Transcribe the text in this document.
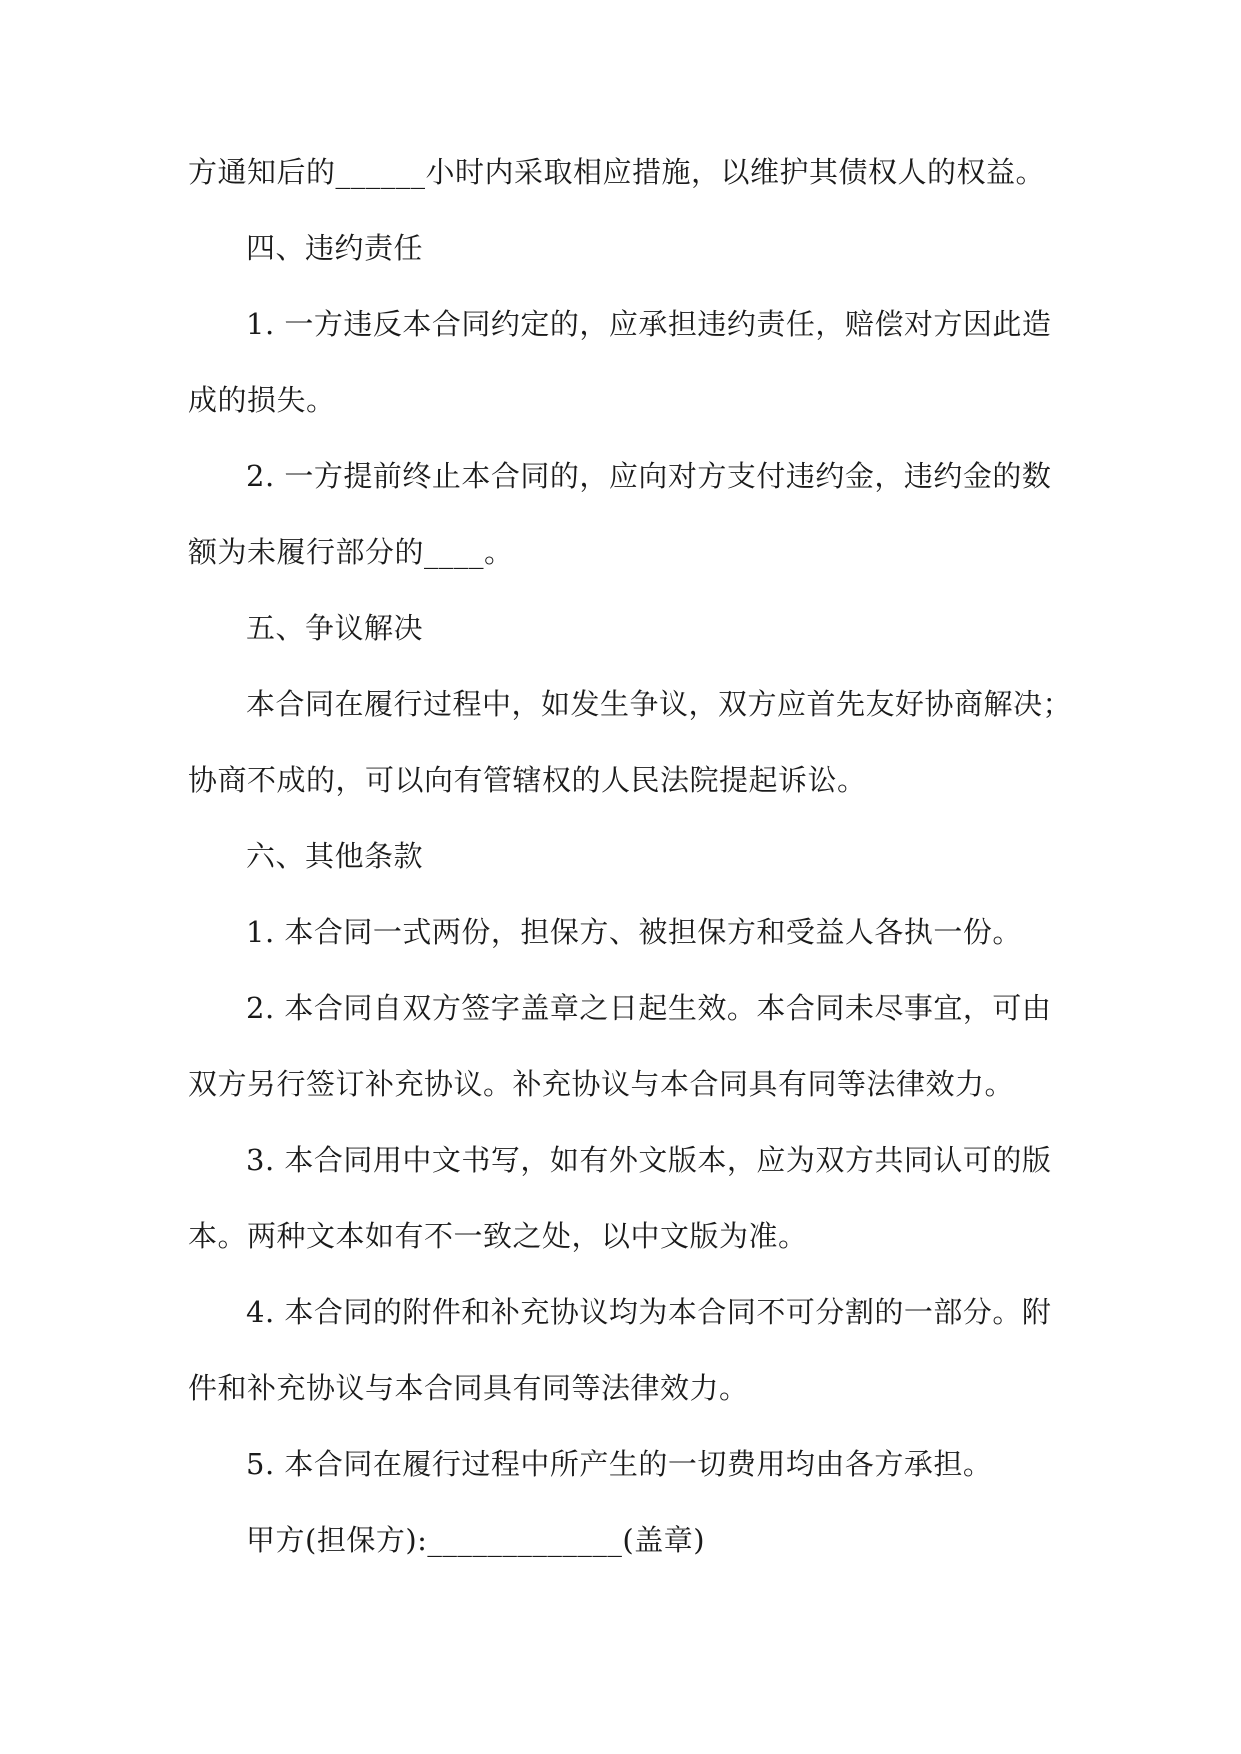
方通知后的______小时内采取相应措施，以维护其债权人的权益。

四、违约责任

1. 一方违反本合同约定的，应承担违约责任，赔偿对方因此造

成的损失。

2. 一方提前终止本合同的，应向对方支付违约金，违约金的数

额为未履行部分的____。

五、争议解决

本合同在履行过程中，如发生争议，双方应首先友好协商解决；

协商不成的，可以向有管辖权的人民法院提起诉讼。

六、其他条款

1. 本合同一式两份，担保方、被担保方和受益人各执一份。

2. 本合同自双方签字盖章之日起生效。本合同未尽事宜，可由

双方另行签订补充协议。补充协议与本合同具有同等法律效力。

3. 本合同用中文书写，如有外文版本，应为双方共同认可的版

本。两种文本如有不一致之处，以中文版为准。

4. 本合同的附件和补充协议均为本合同不可分割的一部分。附

件和补充协议与本合同具有同等法律效力。

5. 本合同在履行过程中所产生的一切费用均由各方承担。

甲方(担保方):_____________(盖章)
